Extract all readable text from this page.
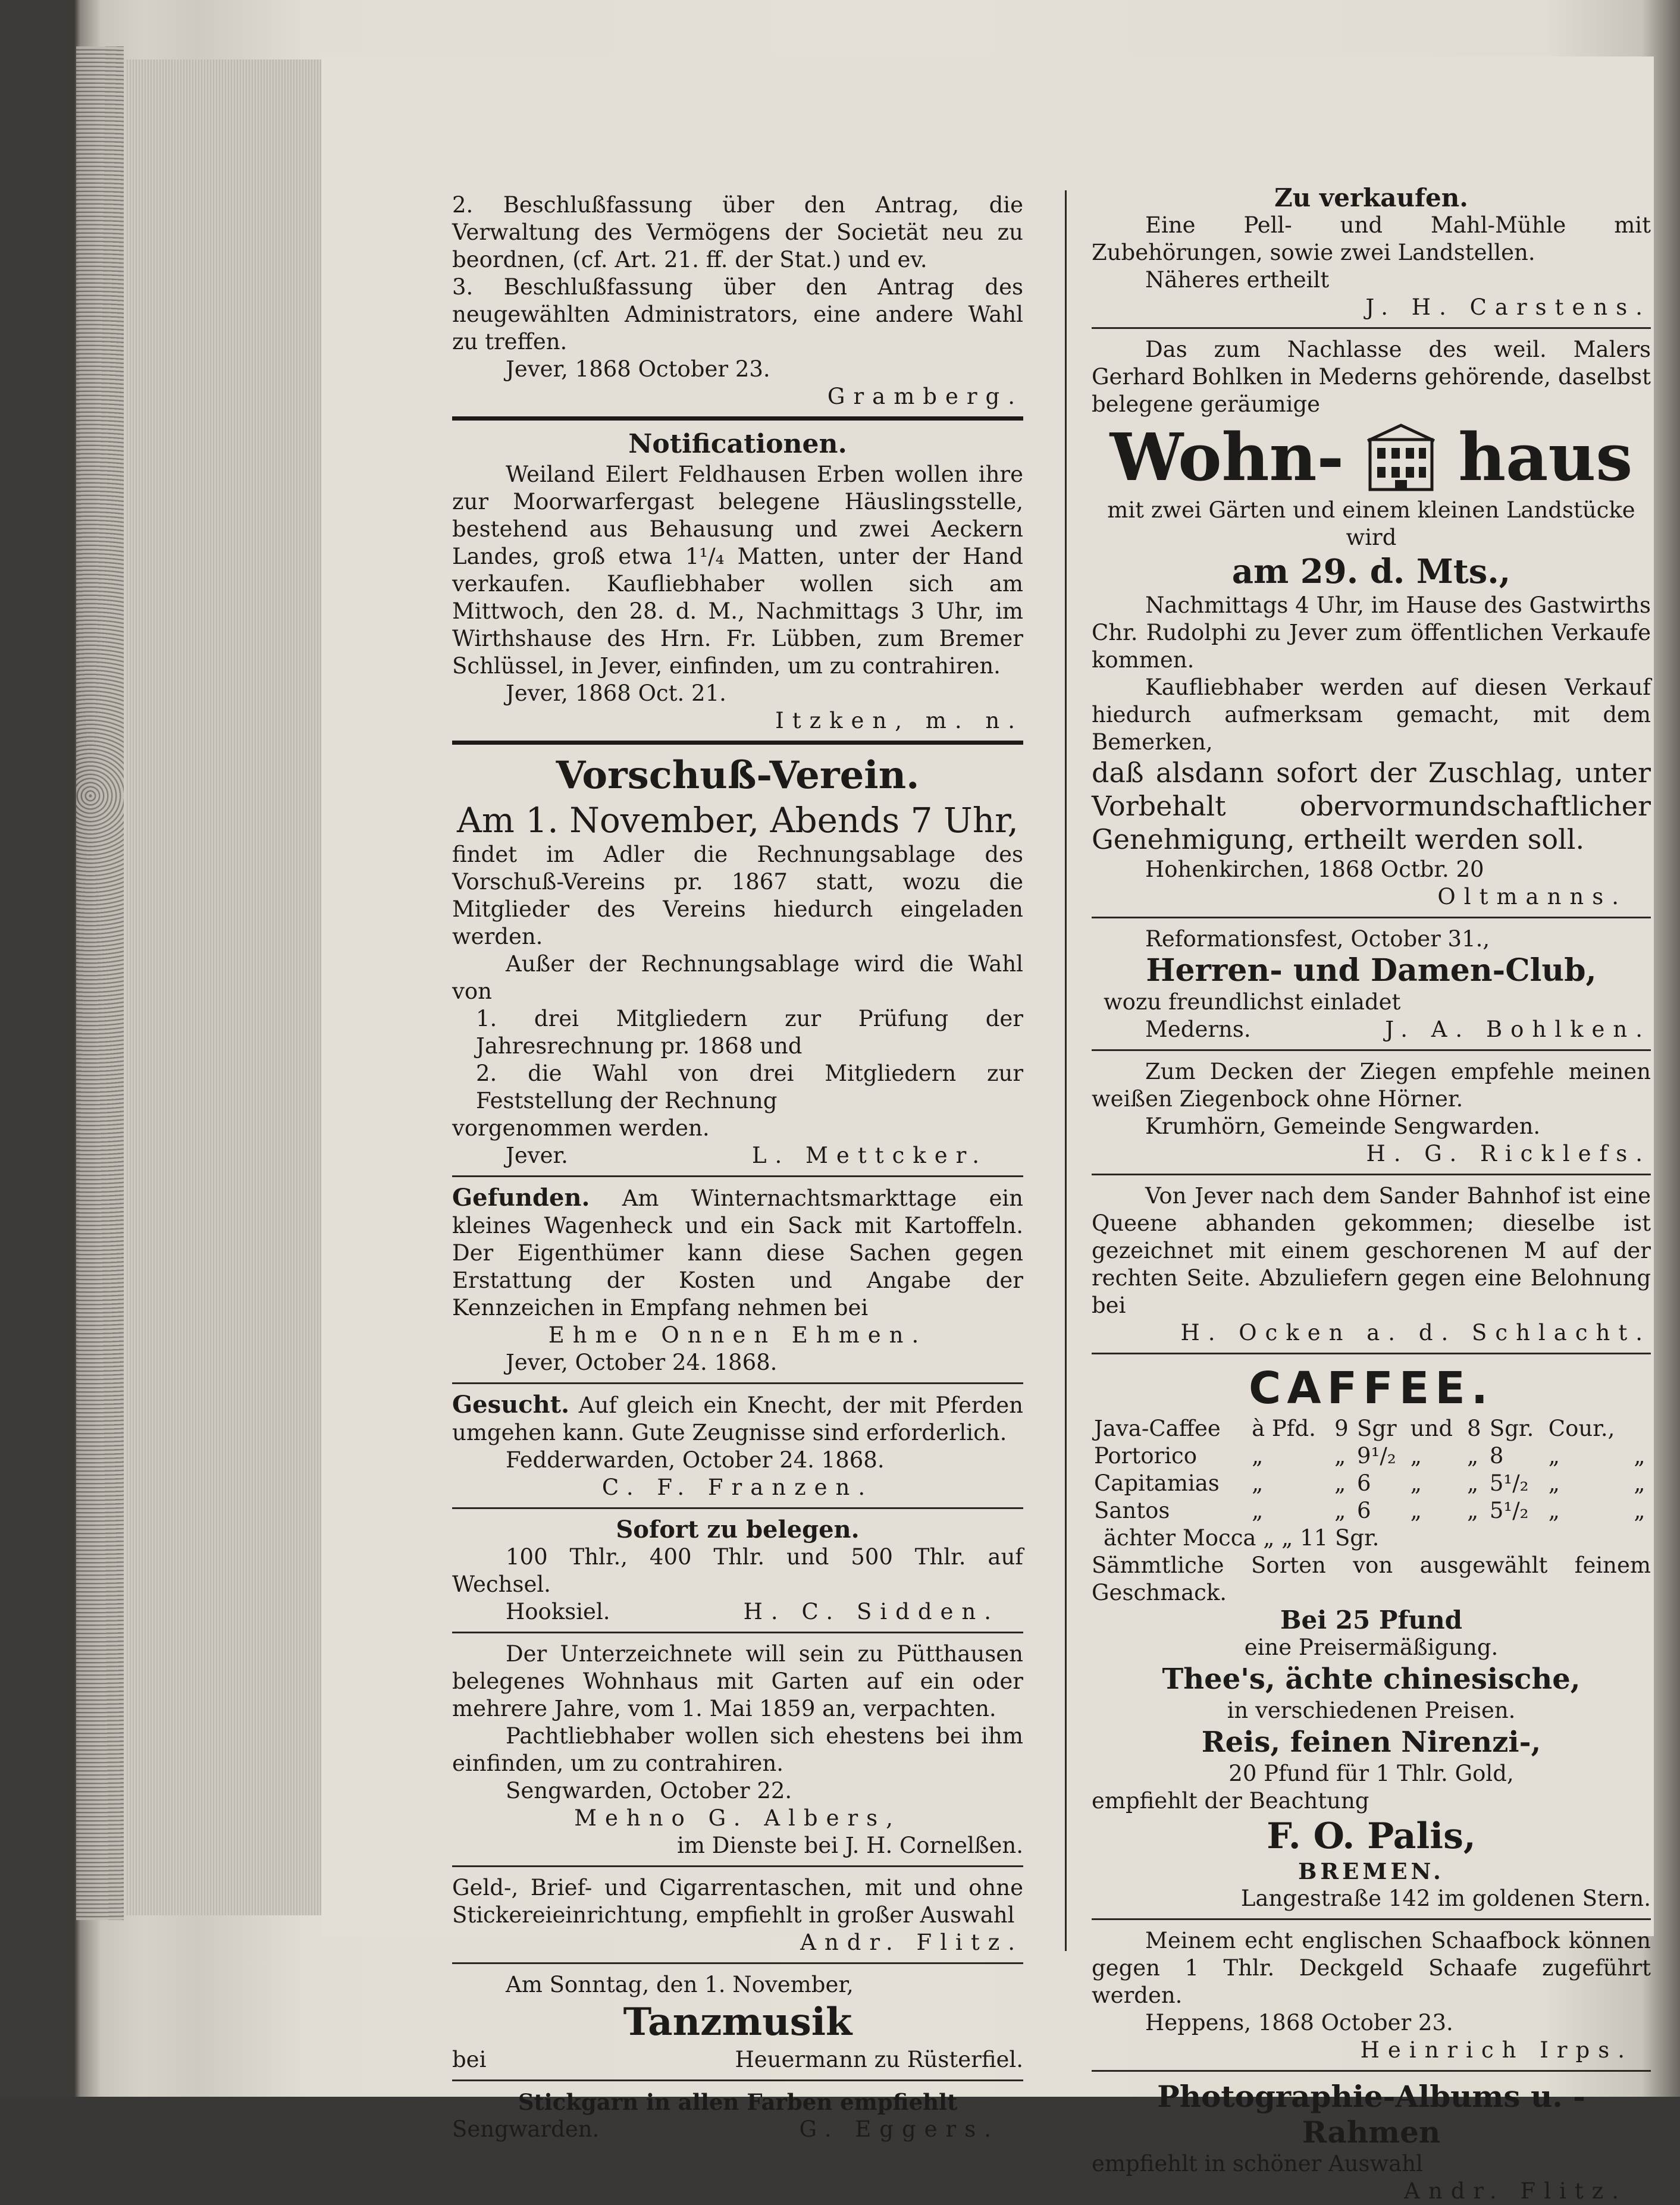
2. Beschlußfassung über den Antrag, die Verwaltung des Vermögens der Societät neu zu beordnen, (cf. Art. 21. ff. der Stat.) und ev.

3. Beschlußfassung über den Antrag des neugewählten Administrators, eine andere Wahl zu treffen.

Jever, 1868 October 23.

Gramberg.

Notificationen.

Weiland Eilert Feldhausen Erben wollen ihre zur Moorwarfergast belegene Häuslingsstelle, bestehend aus Behausung und zwei Aeckern Landes, groß etwa 1¹/₄ Matten, unter der Hand verkaufen. Kaufliebhaber wollen sich am Mittwoch, den 28. d. M., Nachmittags 3 Uhr, im Wirthshause des Hrn. Fr. Lübben, zum Bremer Schlüssel, in Jever, einfinden, um zu contrahiren.

Jever, 1868 Oct. 21.

Itzken, m. n.

Vorschuß-Verein.

Am 1. November, Abends 7 Uhr,

findet im Adler die Rechnungsablage des Vorschuß-Vereins pr. 1867 statt, wozu die Mitglieder des Vereins hiedurch eingeladen werden.

Außer der Rechnungsablage wird die Wahl von

1. drei Mitgliedern zur Prüfung der Jahresrechnung pr. 1868 und

2. die Wahl von drei Mitgliedern zur Feststellung der Rechnung

vorgenommen werden.

Jever.	L. Mettcker.

Gefunden. Am Winternachtsmarkttage ein kleines Wagenheck und ein Sack mit Kartoffeln. Der Eigenthümer kann diese Sachen gegen Erstattung der Kosten und Angabe der Kennzeichen in Empfang nehmen bei

Ehme Onnen Ehmen.

Jever, October 24. 1868.

Gesucht. Auf gleich ein Knecht, der mit Pferden umgehen kann. Gute Zeugnisse sind erforderlich.

Fedderwarden, October 24. 1868.

C. F. Franzen.

Sofort zu belegen.

100 Thlr., 400 Thlr. und 500 Thlr. auf Wechsel.

Hooksiel.	H. C. Sidden.

Der Unterzeichnete will sein zu Pütthausen belegenes Wohnhaus mit Garten auf ein oder mehrere Jahre, vom 1. Mai 1859 an, verpachten.

Pachtliebhaber wollen sich ehestens bei ihm einfinden, um zu contrahiren.

Sengwarden, October 22.

Mehno G. Albers,

im Dienste bei J. H. Cornelßen.

Geld-, Brief- und Cigarrentaschen, mit und ohne Stickereieinrichtung, empfiehlt in großer Auswahl

Andr. Flitz.

Am Sonntag, den 1. November,

Tanzmusik

bei	Heuermann zu Rüsterfiel.

Stickgarn in allen Farben empfiehlt

Sengwarden.	G. Eggers.

Zu verkaufen.

Eine Pell- und Mahl-Mühle mit Zubehörungen, sowie zwei Landstellen.

Näheres ertheilt

J. H. Carstens.

Das zum Nachlasse des weil. Malers Gerhard Bohlken in Mederns gehörende, daselbst belegene geräumige

Wohn- haus

mit zwei Gärten und einem kleinen Landstücke wird

am 29. d. Mts.,

Nachmittags 4 Uhr, im Hause des Gastwirths Chr. Rudolphi zu Jever zum öffentlichen Verkaufe kommen.

Kaufliebhaber werden auf diesen Verkauf hiedurch aufmerksam gemacht, mit dem Bemerken,

daß alsdann sofort der Zuschlag, unter Vorbehalt obervormundschaftlicher Genehmigung, ertheilt werden soll.

Hohenkirchen, 1868 Octbr. 20

Oltmanns.

Reformationsfest, October 31.,

Herren- und Damen-Club,

wozu freundlichst einladet

Mederns.	J. A. Bohlken.

Zum Decken der Ziegen empfehle meinen weißen Ziegenbock ohne Hörner.

Krumhörn, Gemeinde Sengwarden.

H. G. Ricklefs.

Von Jever nach dem Sander Bahnhof ist eine Queene abhanden gekommen; dieselbe ist gezeichnet mit einem geschorenen M auf der rechten Seite. Abzuliefern gegen eine Belohnung bei

H. Ocken a. d. Schlacht.

CAFFEE.

Java-Caffee	à Pfd.	9	Sgr	und	8	Sgr.	Cour.,	
Portorico	„	„	9¹/₂	„	„	8	„	„
Capitamias	„	„	6	„	„	5¹/₂	„	„
Santos	„	„	6	„	„	5¹/₂	„	„

ächter Mocca „ „ 11 Sgr.

Sämmtliche Sorten von ausgewählt feinem Geschmack.

Bei 25 Pfund

eine Preisermäßigung.

Thee's, ächte chinesische,

in verschiedenen Preisen.

Reis, feinen Nirenzi-,

20 Pfund für 1 Thlr. Gold,

empfiehlt der Beachtung

F. O. Palis,

BREMEN.

Langestraße 142 im goldenen Stern.

Meinem echt englischen Schaafbock können gegen 1 Thlr. Deckgeld Schaafe zugeführt werden.

Heppens, 1868 October 23.

Heinrich Irps.

Photographie-Albums u. -Rahmen

empfiehlt in schöner Auswahl

Andr. Flitz.
